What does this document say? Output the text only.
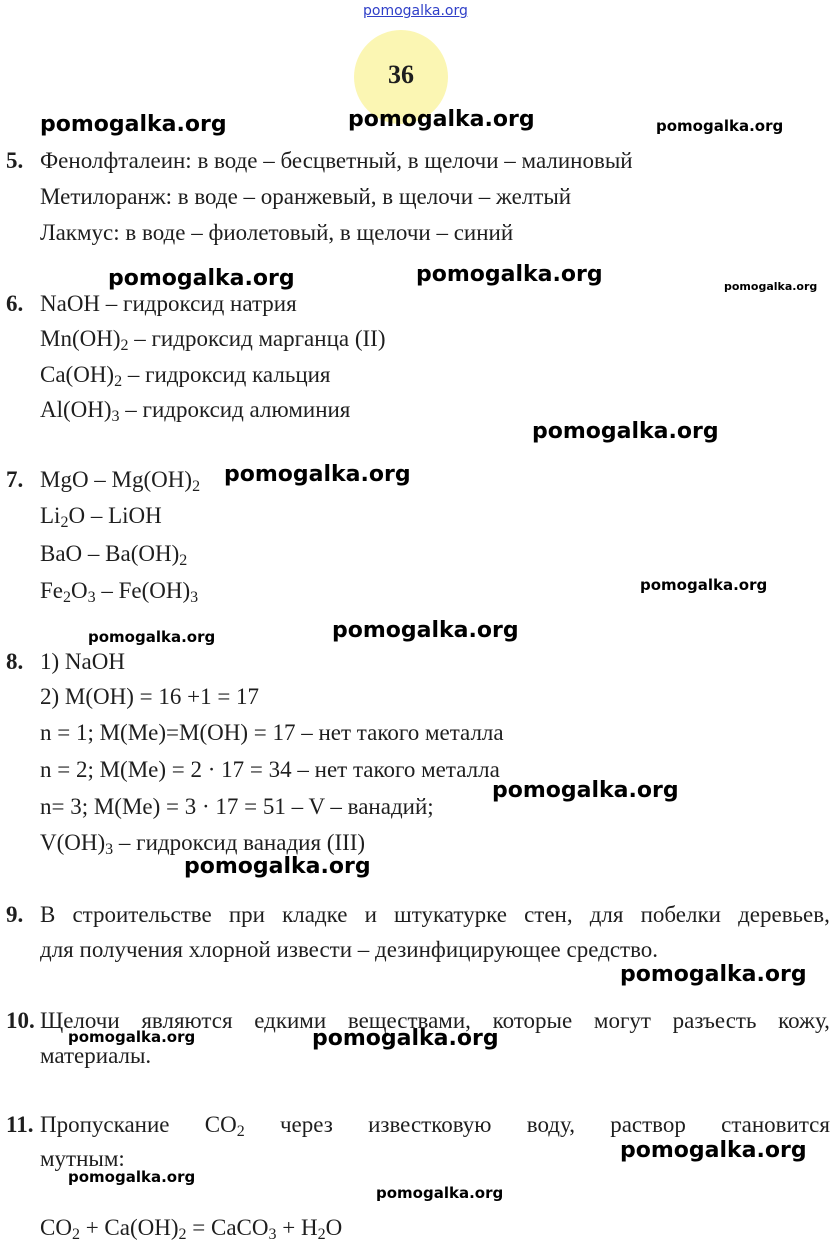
pomogalka.org
36
5. Фенолфталеин: в воде – бесцветный, в щелочи – малиновый
Метилоранж: в воде – оранжевый, в щелочи – желтый
Лакмус: в воде – фиолетовый, в щелочи – синий
6. NaOH – гидроксид натрия
$Mn(OH)_2$ – гидроксид марганца (II)
$Ca(OH)_2$ – гидроксид кальция
$Al(OH)_3$ – гидроксид алюминия
7. MgO – $Mg(OH)_2$
$Li_2O$ – LiOH
BaO – $Ba(OH)_2$
$Fe_2O_3 - Fe(OH)_3$
8. 1) NaOH
2) M(OH) = 16 +1 = 17
n = 1; M(Me)=M(OH) = 17 – нет такого металла
n = 2; M(Me) = 2 · 17 = 34 – нет такого металла
n= 3; M(Me) = 3 · 17 = 51 – V – ванадий;
$V(OH)_3$ – гидроксид ванадия (III)
9. В строительстве при кладке и штукатурке стен, для побелки деревьев,
для получения хлорной извести – дезинфицирующее средство.
10. Щелочи являются едкими веществами, которые могут разъесть кожу,
материалы.
11. Пропускание $CO_2$ через известковую воду, раствор становится
мутным:
$CO_2 + Ca(OH)_2$ = CaCO$_3$ + $H_2O$
pomogalka.org	pomogalka.org	pomogalka.org
pomogalka.org	pomogalka.org	pomogalka.org
pomogalka.org
pomogalka.org
pomogalka.org
pomogalka.org	pomogalka.org
pomogalka.org
pomogalka.org
pomogalka.org
pomogalka.org	pomogalka.org
pomogalka.org
pomogalka.org
pomogalka.org
